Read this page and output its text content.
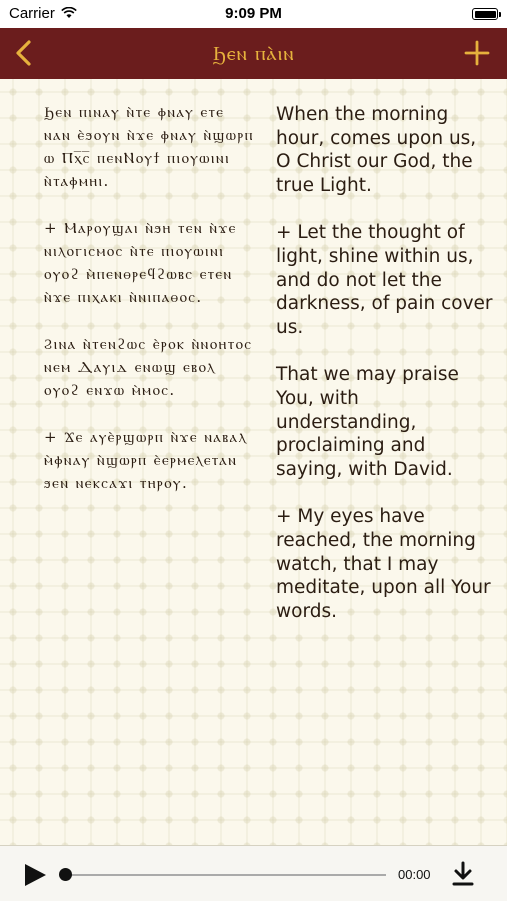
Carrier	9:09 PM
Ϧⲉⲛ ⲡⲁ̀ⲓⲛ

Ϧⲉⲛ ⲡⲓⲛⲁⲩ ⲛ̀ⲧⲉ ⲫⲛⲁⲩ ⲉⲧⲉ ⲛⲁⲛ ⲉ̀ϧⲟⲩⲛ ⲛ̀ϫⲉ ⲫⲛⲁⲩ ⲛ̀ϣⲱⲣⲡ ⲱ Ⲡⲭ̅ⲥ̅ ⲡⲉⲛⲚⲟⲩϯ ⲡⲓⲟⲩⲱⲓⲛⲓ ⲛ̀ⲧⲁⲫⲙⲏⲓ.

+ Ⲙⲁⲣⲟⲩϣⲁⲓ ⲛ̀ϧⲏ ⲧⲉⲛ ⲛ̀ϫⲉ ⲛⲓⲗⲟⲅⲓⲥⲙⲟⲥ ⲛ̀ⲧⲉ ⲡⲓⲟⲩⲱⲓⲛⲓ ⲟⲩⲟϩ ⲙ̀ⲡⲉⲛⲑⲣⲉϥϩⲱⲃⲥ ⲉⲧⲉⲛ ⲛ̀ϫⲉ ⲡⲓⲭⲁⲕⲓ ⲛ̀ⲛⲓⲡⲁⲑⲟⲥ.

Ϩⲓⲛⲁ ⲛ̀ⲧⲉⲛϩⲱⲥ ⲉ̀ⲣⲟⲕ ⲛ̀ⲛⲟⲏⲧⲟⲥ ⲛⲉⲙ Ⲇⲁⲩⲓⲇ ⲉⲛⲱϣ ⲉⲃⲟⲗ ⲟⲩⲟϩ ⲉⲛϫⲱ ⲙ̀ⲙⲟⲥ.

+ Ϫⲉ ⲁⲩⲉ̀ⲣϣⲱⲣⲡ ⲛ̀ϫⲉ ⲛⲁⲃⲁⲗ ⲙ̀ⲫⲛⲁⲩ ⲛ̀ϣⲱⲣⲡ ⲉ̀ⲉⲣⲙⲉⲗⲉⲧⲁⲛ ϧⲉⲛ ⲛⲉⲕⲥⲁϫⲓ ⲧⲏⲣⲟⲩ.

When the morning hour, comes upon us, O Christ our God, the true Light.

+ Let the thought of light, shine within us, and do not let the darkness, of pain cover us.

That we may praise You, with understanding, proclaiming and saying, with David.

+ My eyes have reached, the morning watch, that I may meditate, upon all Your words.

00:00
